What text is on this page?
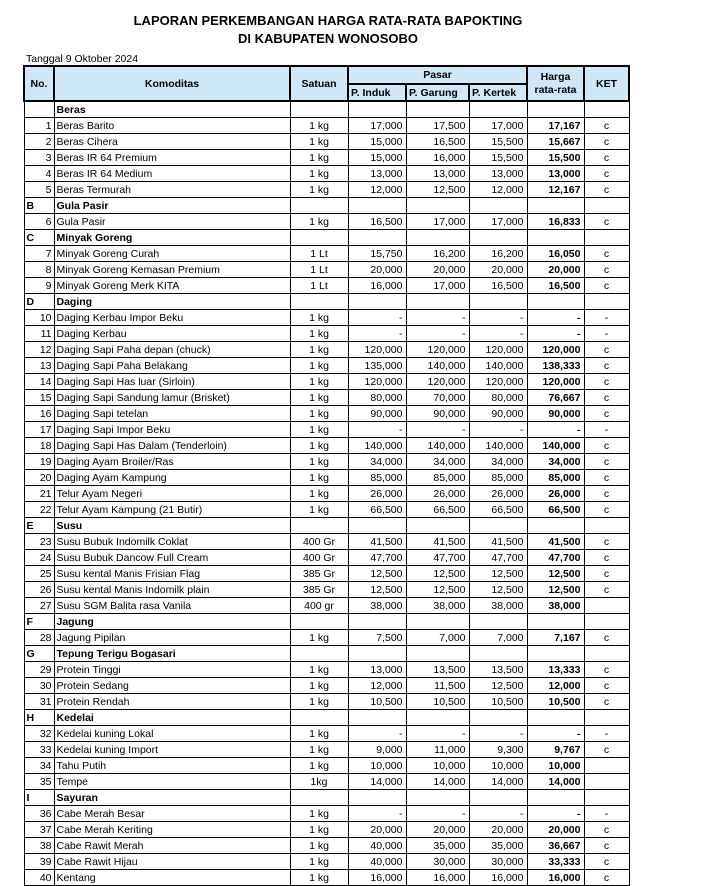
LAPORAN PERKEMBANGAN HARGA RATA-RATA BAPOKTING
DI KABUPATEN WONOSOBO
Tanggal 9 Oktober 2024
No.	Komoditas	Satuan	Pasar			Harga rata-rata	KET
			P. Induk	P. Garung	P. Kertek		
	Beras						
1	Beras Barito	1 kg	17,000	17,500	17,000	17,167	c
2	Beras Cihera	1 kg	15,000	16,500	15,500	15,667	c
3	Beras IR 64 Premium	1 kg	15,000	16,000	15,500	15,500	c
4	Beras IR 64 Medium	1 kg	13,000	13,000	13,000	13,000	c
5	Beras Termurah	1 kg	12,000	12,500	12,000	12,167	c
B	Gula Pasir						
6	Gula Pasir	1 kg	16,500	17,000	17,000	16,833	c
C	Minyak Goreng						
7	Minyak Goreng Curah	1 Lt	15,750	16,200	16,200	16,050	c
8	Minyak Goreng Kemasan Premium	1 Lt	20,000	20,000	20,000	20,000	c
9	Minyak Goreng Merk KITA	1 Lt	16,000	17,000	16,500	16,500	c
D	Daging						
10	Daging Kerbau Impor Beku	1 kg	-	-	-	-	-
11	Daging Kerbau	1 kg	-	-	-	-	-
12	Daging Sapi Paha depan (chuck)	1 kg	120,000	120,000	120,000	120,000	c
13	Daging Sapi Paha Belakang	1 kg	135,000	140,000	140,000	138,333	c
14	Daging Sapi Has luar (Sirloin)	1 kg	120,000	120,000	120,000	120,000	c
15	Daging Sapi Sandung lamur (Brisket)	1 kg	80,000	70,000	80,000	76,667	c
16	Daging Sapi tetelan	1 kg	90,000	90,000	90,000	90,000	c
17	Daging Sapi Impor Beku	1 kg	-	-	-	-	-
18	Daging Sapi Has Dalam (Tenderloin)	1 kg	140,000	140,000	140,000	140,000	c
19	Daging Ayam Broiler/Ras	1 kg	34,000	34,000	34,000	34,000	c
20	Daging Ayam Kampung	1 kg	85,000	85,000	85,000	85,000	c
21	Telur Ayam Negeri	1 kg	26,000	26,000	26,000	26,000	c
22	Telur Ayam Kampung (21 Butir)	1 kg	66,500	66,500	66,500	66,500	c
E	Susu						
23	Susu Bubuk Indomilk Coklat	400 Gr	41,500	41,500	41,500	41,500	c
24	Susu Bubuk Dancow Full Cream	400 Gr	47,700	47,700	47,700	47,700	c
25	Susu kental Manis Frisian Flag	385 Gr	12,500	12,500	12,500	12,500	c
26	Susu kental Manis Indomilk plain	385 Gr	12,500	12,500	12,500	12,500	c
27	Susu SGM Balita rasa Vanila	400 gr	38,000	38,000	38,000	38,000	
F	Jagung						
28	Jagung Pipilan	1 kg	7,500	7,000	7,000	7,167	c
G	Tepung Terigu Bogasari						
29	Protein Tinggi	1 kg	13,000	13,500	13,500	13,333	c
30	Protein Sedang	1 kg	12,000	11,500	12,500	12,000	c
31	Protein Rendah	1 kg	10,500	10,500	10,500	10,500	c
H	Kedelai						
32	Kedelai kuning Lokal	1 kg	-	-	-	-	-
33	Kedelai kuning Import	1 kg	9,000	11,000	9,300	9,767	c
34	Tahu Putih	1 kg	10,000	10,000	10,000	10,000	
35	Tempe	1kg	14,000	14,000	14,000	14,000	
I	Sayuran						
36	Cabe Merah Besar	1 kg	-	-	-	-	-
37	Cabe Merah Keriting	1 kg	20,000	20,000	20,000	20,000	c
38	Cabe Rawit Merah	1 kg	40,000	35,000	35,000	36,667	c
39	Cabe Rawit Hijau	1 kg	40,000	30,000	30,000	33,333	c
40	Kentang	1 kg	16,000	16,000	16,000	16,000	c
